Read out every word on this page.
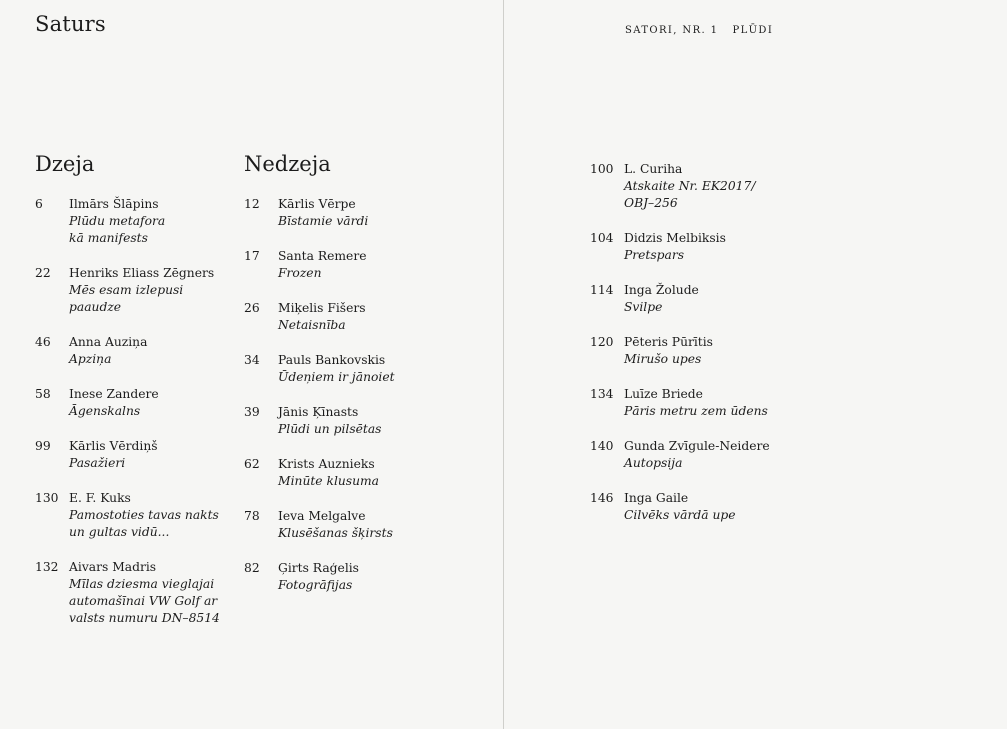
Saturs
Dzeja
6 Ilmārs Šlāpins
Plūdu metafora
kā manifests
22 Henriks Eliass Zēgners
Mēs esam izlepusi paaudze
46 Anna Auziņa
Apziņa
58 Inese Zandere
Āgenskalns
99 Kārlis Vērdiņš
Pasažieri
130 E. F. Kuks
Pamostoties tavas nakts
un gultas vidū...
132 Aivars Madris
Mīlas dziesma vieglajai
automašīnai VW Golf ar
valsts numuru DN–8514
Nedzeja
12 Kārlis Vērpe
Bīstamie vārdi
17 Santa Remere
Frozen
26 Miķelis Fišers
Netaisnība
34 Pauls Bankovskis
Ūdeņiem ir jānoiet
39 Jānis Ķīnasts
Plūdi un pilsētas
62 Krists Auznieks
Minūte klusuma
78 Ieva Melgalve
Klusēšanas šķirsts
82 Ģirts Raģelis
Fotogrāfijas
SATORI, NR. 1 PLŪDI
100 L. Curiha
Atskaite Nr. EK2017/
OBJ–256
104 Didzis Melbiksis
Pretspars
114 Inga Žolude
Svilpe
120 Pēteris Pūrītis
Mirušo upes
134 Luīze Briede
Pāris metru zem ūdens
140 Gunda Zvīgule-Neidere
Autopsija
146 Inga Gaile
Cilvēks vārdā upe
